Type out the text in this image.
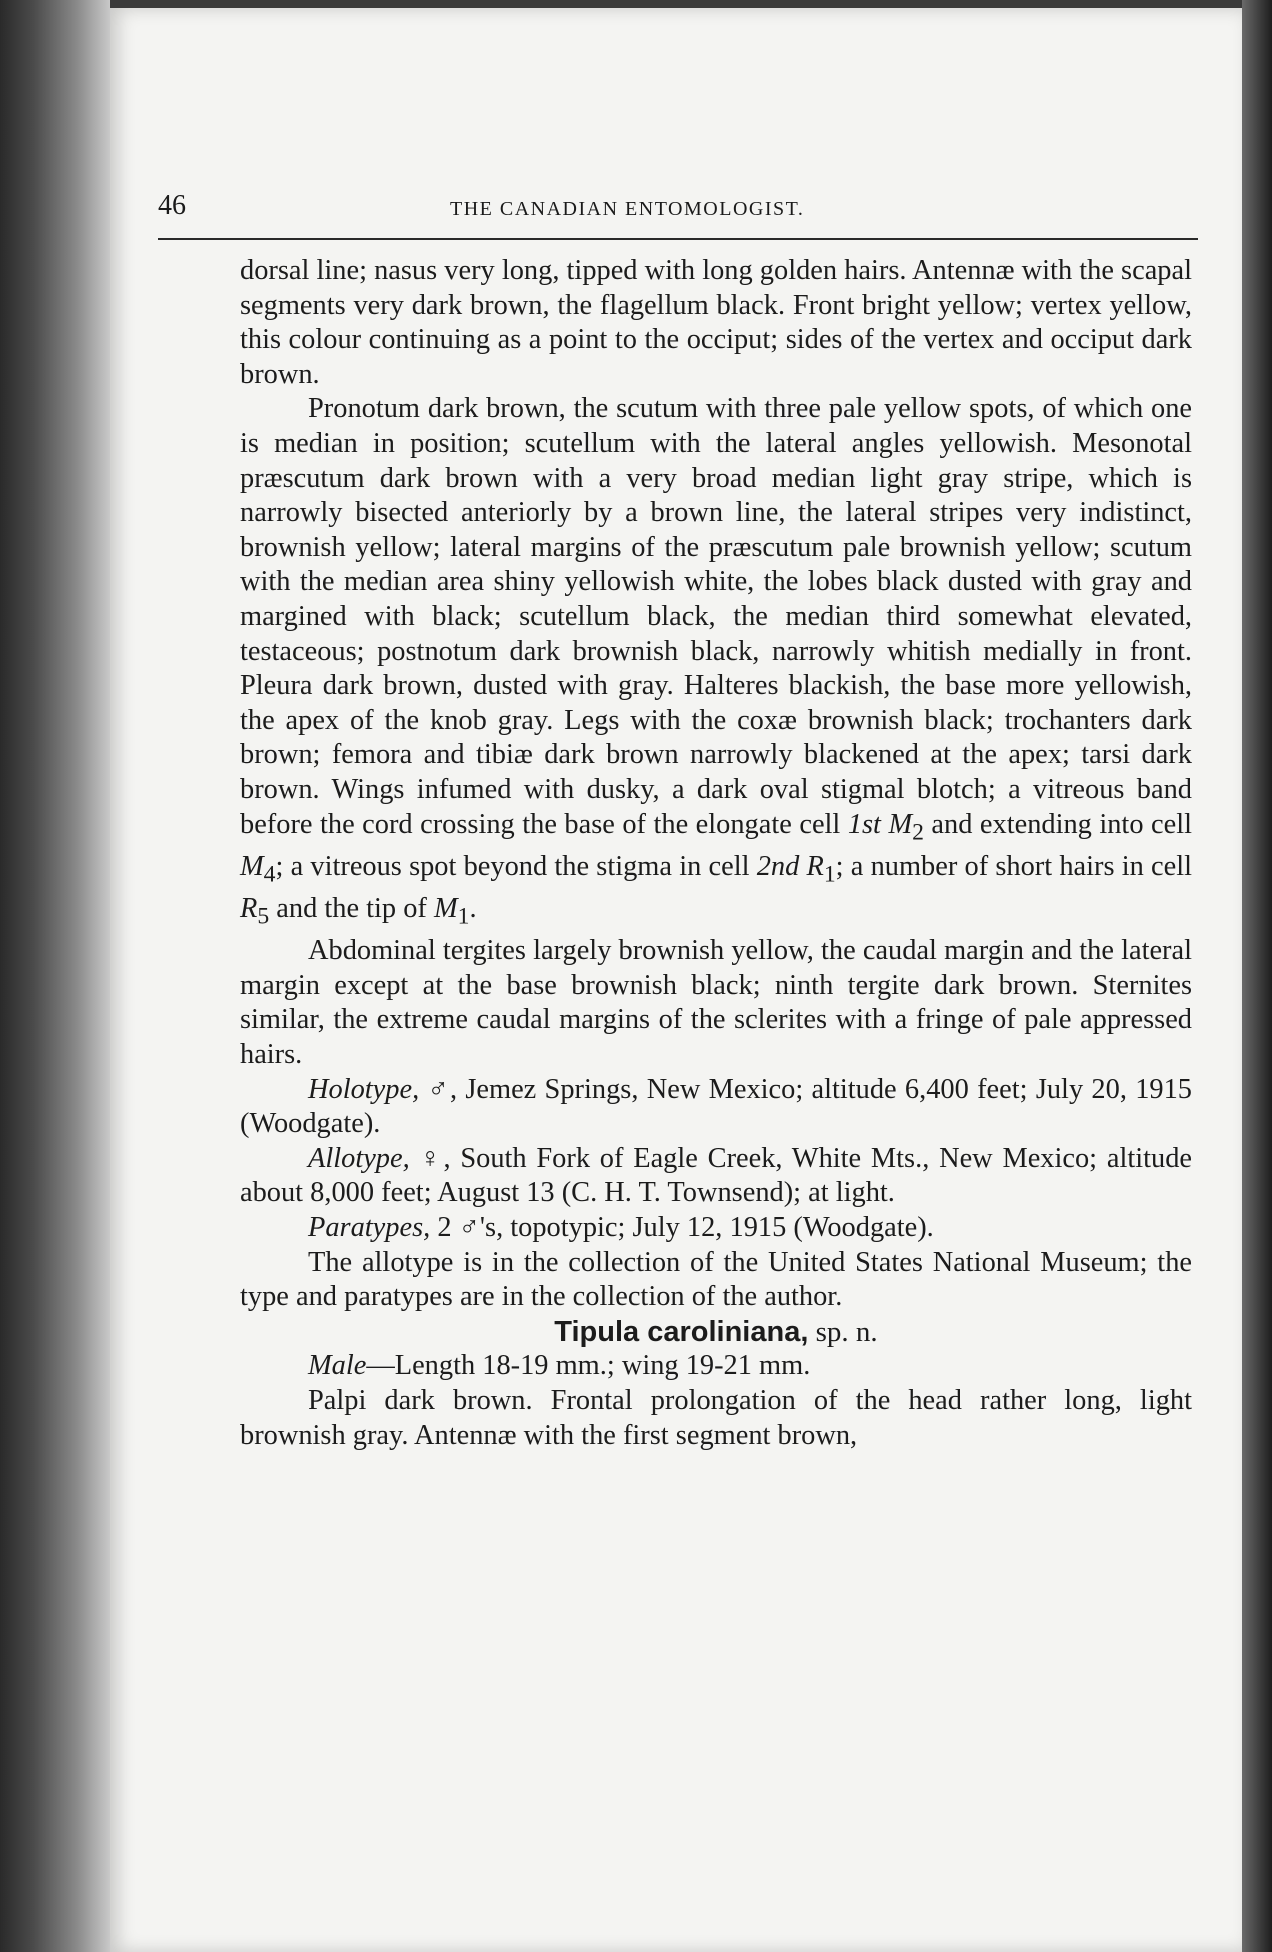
46	THE CANADIAN ENTOMOLOGIST.

dorsal line; nasus very long, tipped with long golden hairs. Antennæ with the scapal segments very dark brown, the flagellum black. Front bright yellow; vertex yellow, this colour continuing as a point to the occiput; sides of the vertex and occiput dark brown.

Pronotum dark brown, the scutum with three pale yellow spots, of which one is median in position; scutellum with the lateral angles yellowish. Mesonotal præscutum dark brown with a very broad median light gray stripe, which is narrowly bisected anteriorly by a brown line, the lateral stripes very indistinct, brownish yellow; lateral margins of the præscutum pale brownish yellow; scutum with the median area shiny yellowish white, the lobes black dusted with gray and margined with black; scutellum black, the median third somewhat elevated, testaceous; postnotum dark brownish black, narrowly whitish medially in front. Pleura dark brown, dusted with gray. Halteres blackish, the base more yellowish, the apex of the knob gray. Legs with the coxæ brownish black; trochanters dark brown; femora and tibiæ dark brown narrowly blackened at the apex; tarsi dark brown. Wings infumed with dusky, a dark oval stigmal blotch; a vitreous band before the cord crossing the base of the elongate cell 1st $M_2$ and extending into cell $M_4$; a vitreous spot beyond the stigma in cell 2nd $R_1$; a number of short hairs in cell $R_5$ and the tip of $M_1$.

Abdominal tergites largely brownish yellow, the caudal margin and the lateral margin except at the base brownish black; ninth tergite dark brown. Sternites similar, the extreme caudal margins of the sclerites with a fringe of pale appressed hairs.

Holotype, ♂, Jemez Springs, New Mexico; altitude 6,400 feet; July 20, 1915 (Woodgate).

Allotype, ♀, South Fork of Eagle Creek, White Mts., New Mexico; altitude about 8,000 feet; August 13 (C. H. T. Townsend); at light.

Paratypes, 2 ♂'s, topotypic; July 12, 1915 (Woodgate).

The allotype is in the collection of the United States National Museum; the type and paratypes are in the collection of the author.

Tipula caroliniana, sp. n.

Male—Length 18-19 mm.; wing 19-21 mm.

Palpi dark brown. Frontal prolongation of the head rather long, light brownish gray. Antennæ with the first segment brown,
